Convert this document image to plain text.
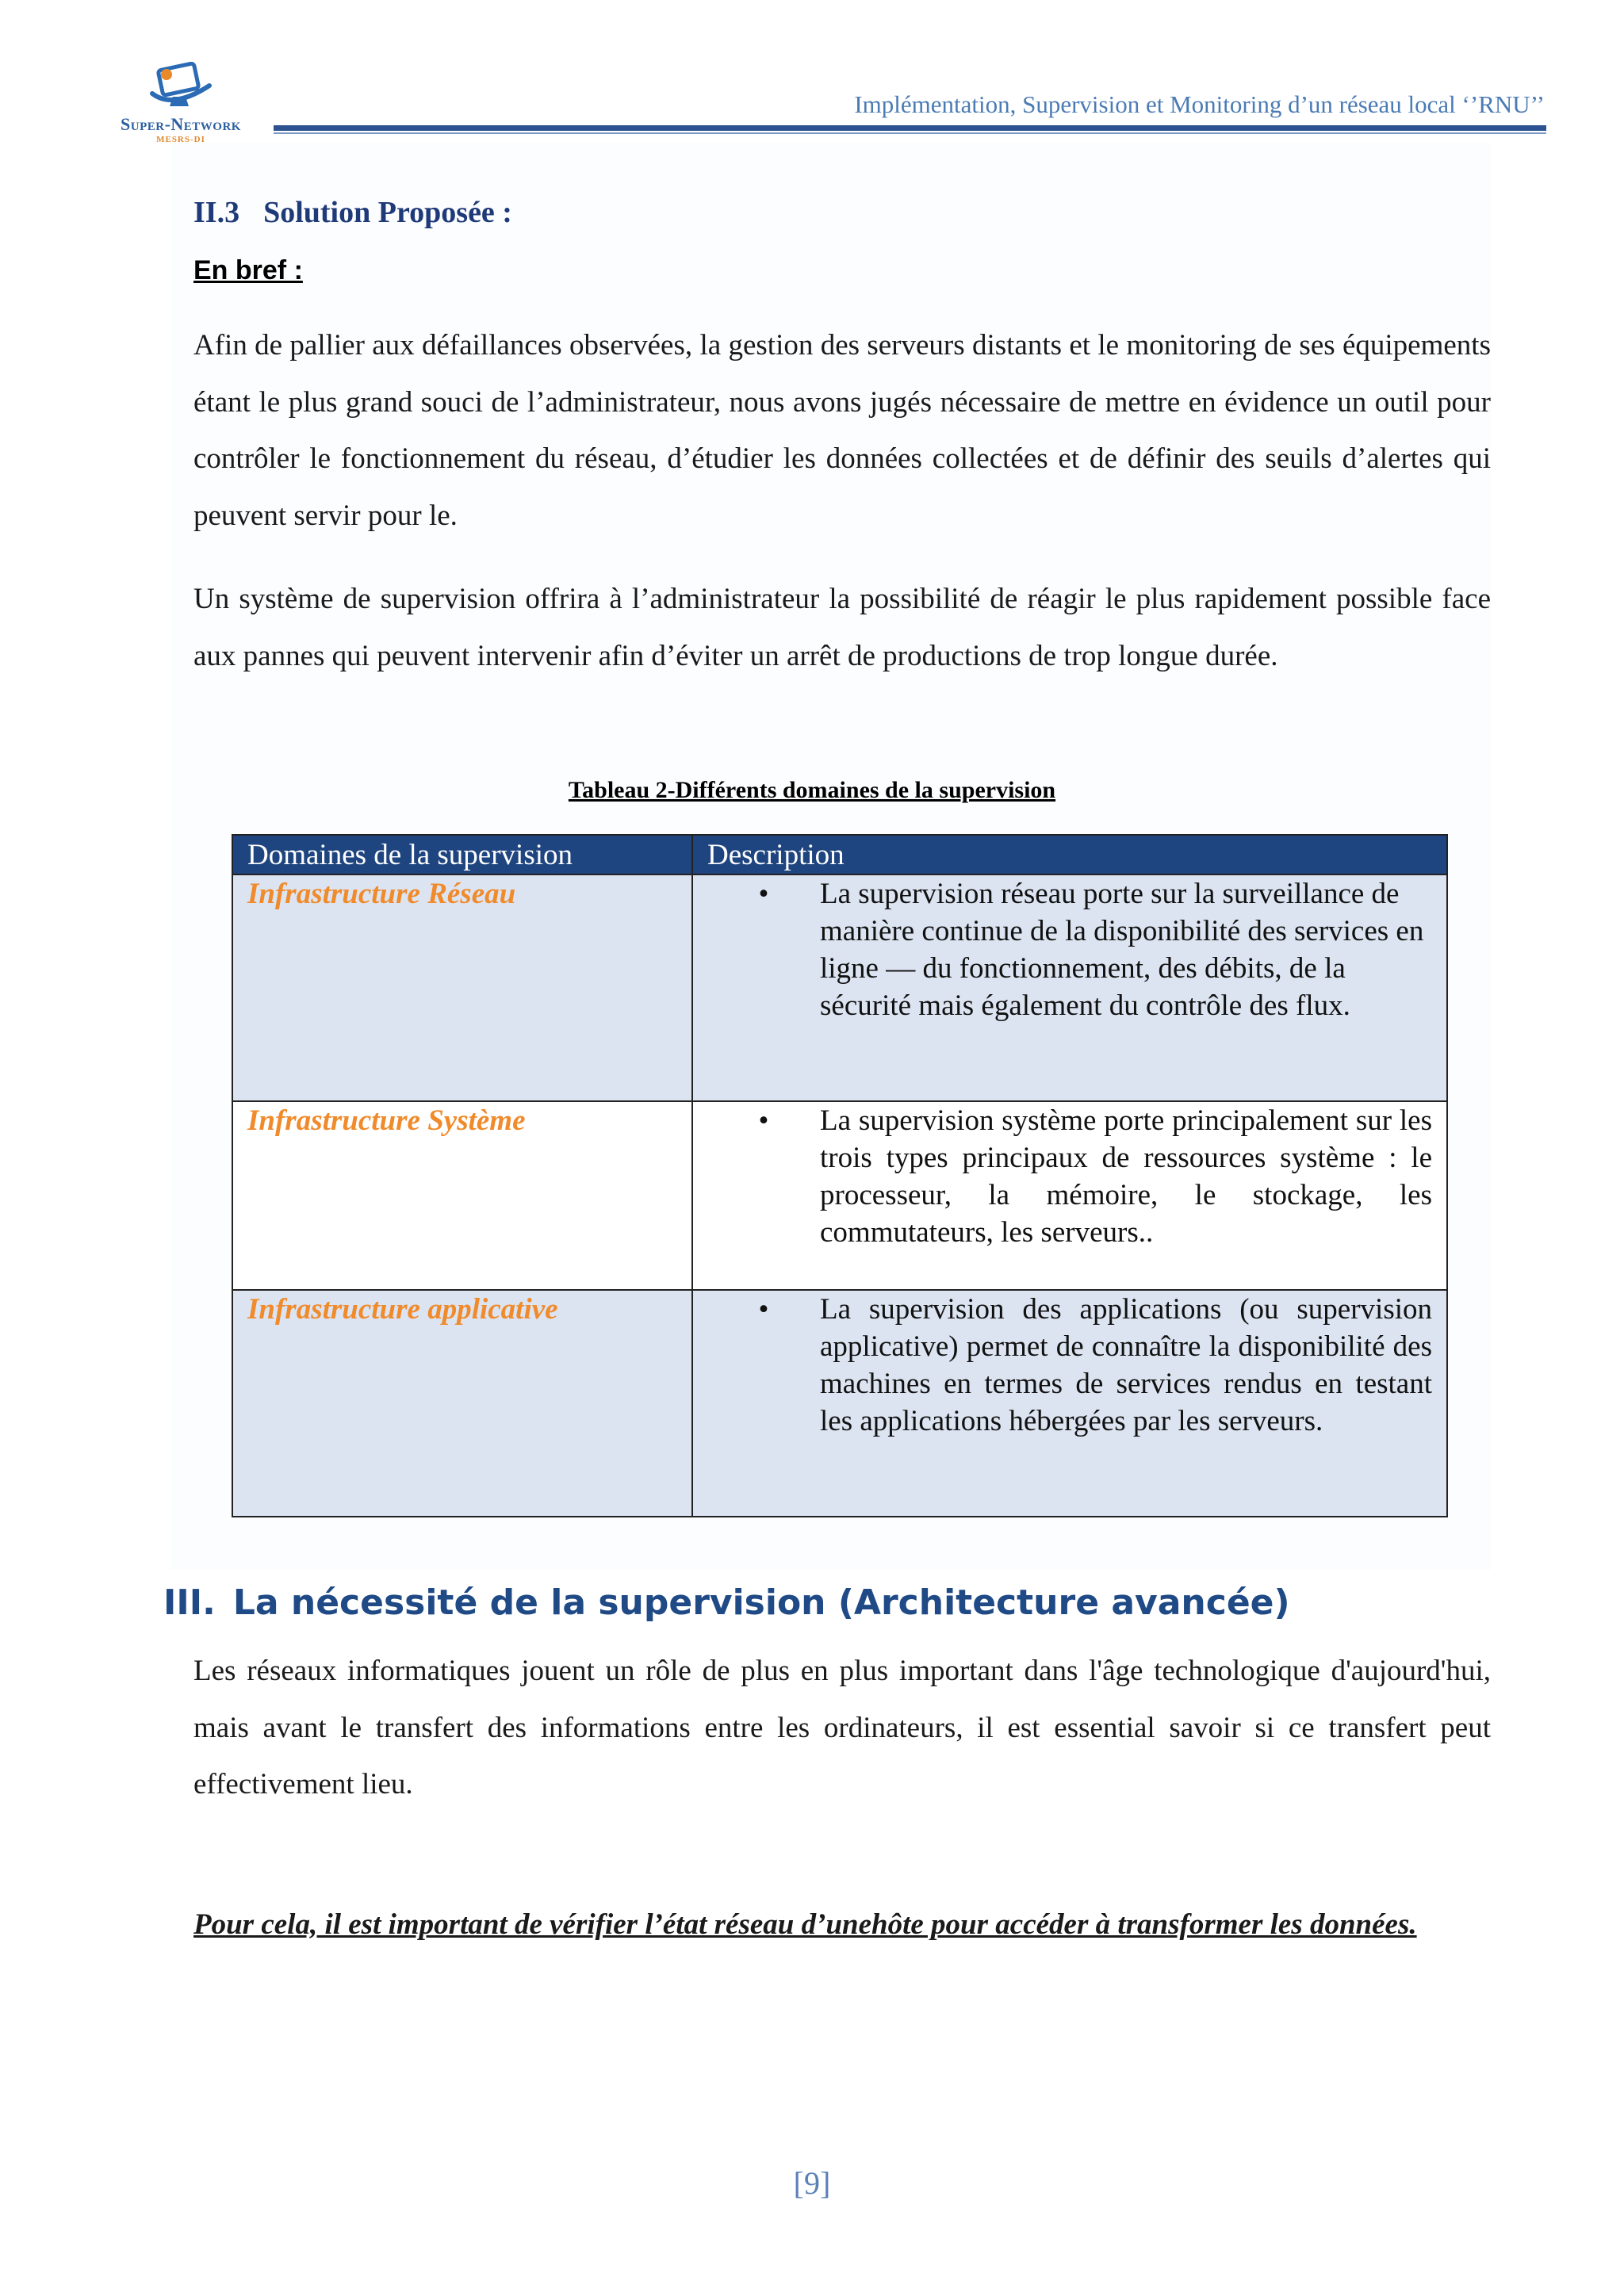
Super-Network
MESRS-DI
Implémentation, Supervision et Monitoring d’un réseau local ‘’RNU’’
II.3 Solution Proposée :
En bref :
Afin de pallier aux défaillances observées, la gestion des serveurs distants et le monitoring de ses équipements étant le plus grand souci de l’administrateur, nous avons jugés nécessaire de mettre en évidence un outil pour contrôler le fonctionnement du réseau, d’étudier les données collectées et de définir des seuils d’alertes qui peuvent servir pour le.
Un système de supervision offrira à l’administrateur la possibilité de réagir le plus rapidement possible face aux pannes qui peuvent intervenir afin d’éviter un arrêt de productions de trop longue durée.
Tableau 2-Différents domaines de la supervision
Domaines de la supervision	Description
Infrastructure Réseau	• La supervision réseau porte sur la surveillance de manière continue de la disponibilité des services en ligne — du fonctionnement, des débits, de la sécurité mais également du contrôle des flux.

Infrastructure Système	• La supervision système porte principalement sur les trois types principaux de ressources système : le processeur, la mémoire, le stockage, les commutateurs, les serveurs..

Infrastructure applicative	• La supervision des applications (ou supervision applicative) permet de connaître la disponibilité des machines en termes de services rendus en testant les applications hébergées par les serveurs.
III. La nécessité de la supervision (Architecture avancée)
Les réseaux informatiques jouent un rôle de plus en plus important dans l'âge technologique d'aujourd'hui, mais avant le transfert des informations entre les ordinateurs, il est essential savoir si ce transfert peut effectivement lieu.
Pour cela, il est important de vérifier l’état réseau d’unehôte pour accéder à transformer les données.
[9]
